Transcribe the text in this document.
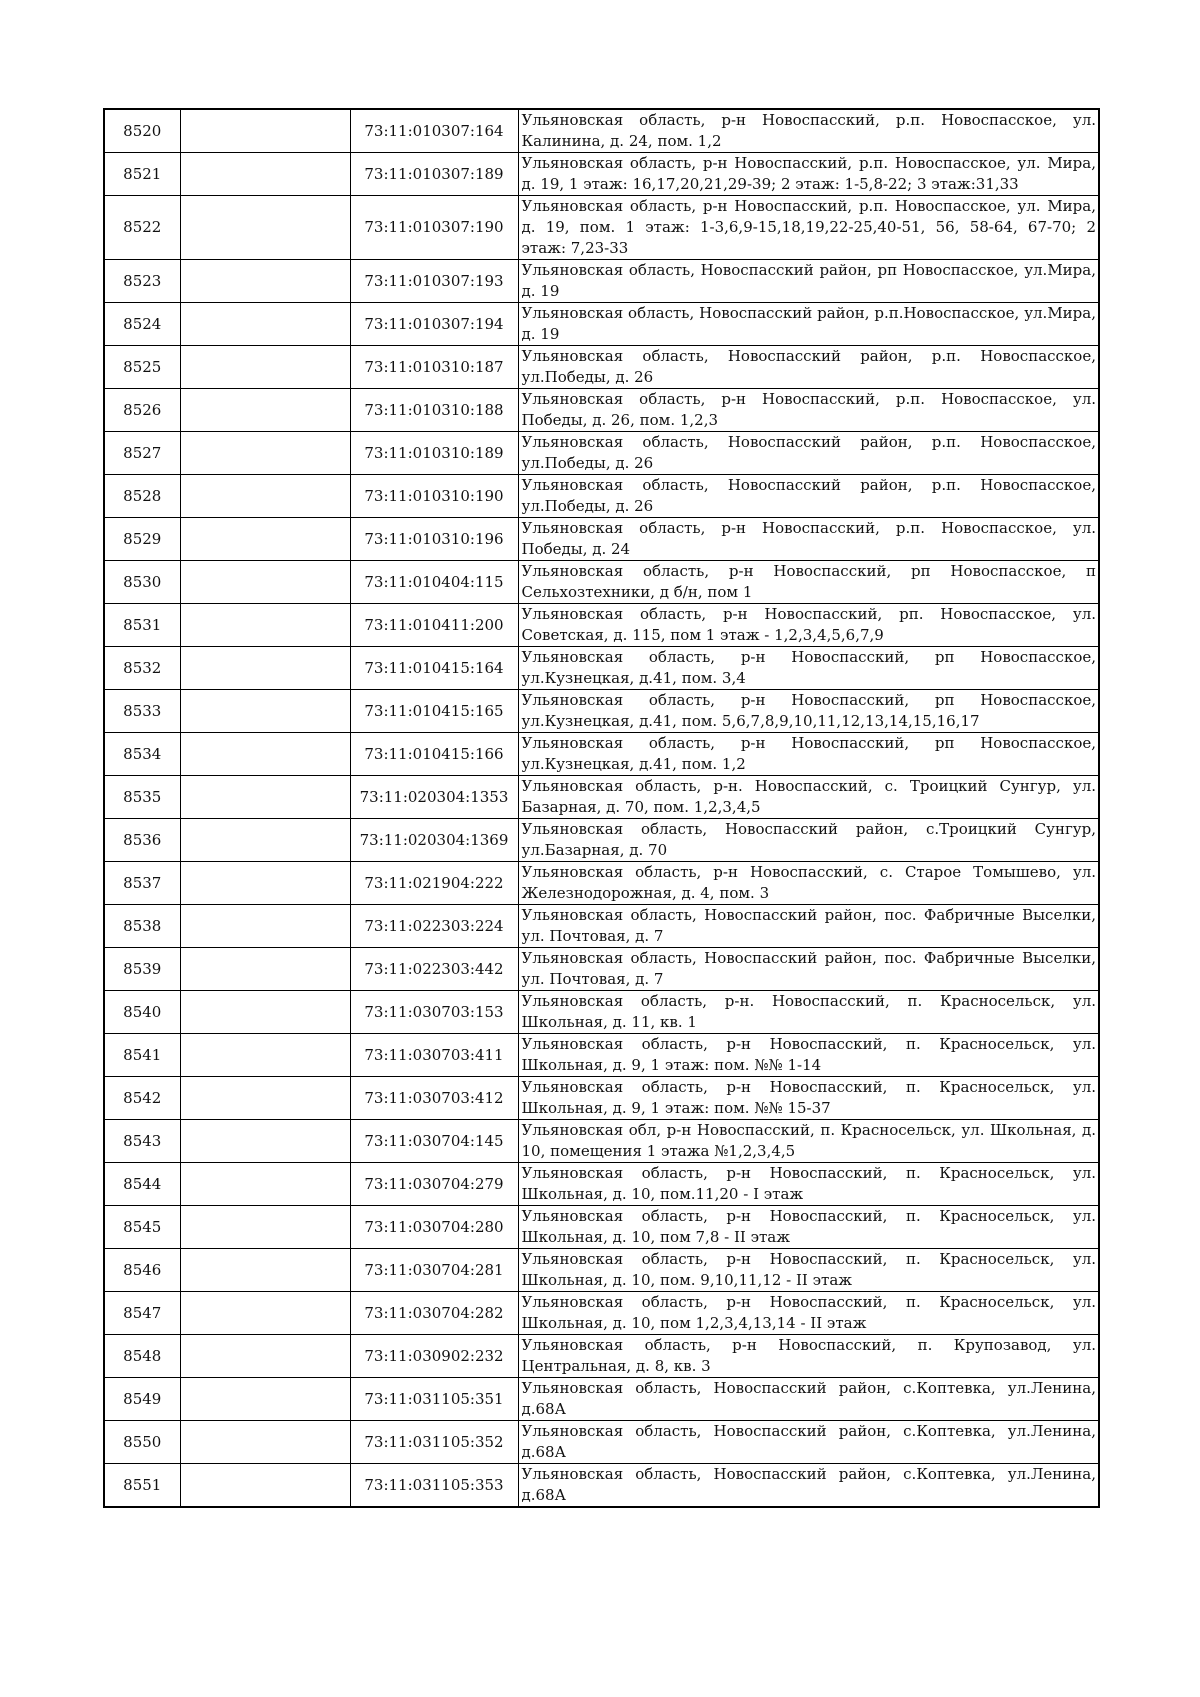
8520		73:11:010307:164	Ульяновская область, р-н Новоспасский, р.п. Новоспасское, ул. Калинина, д. 24, пом. 1,2
8521		73:11:010307:189	Ульяновская область, р-н Новоспасский, р.п. Новоспасское, ул. Мира, д. 19, 1 этаж: 16,17,20,21,29-39; 2 этаж: 1-5,8-22; 3 этаж:31,33
8522		73:11:010307:190	Ульяновская область, р-н Новоспасский, р.п. Новоспасское, ул. Мира, д. 19, пом. 1 этаж: 1-3,6,9-15,18,19,22-25,40-51, 56, 58-64, 67-70; 2 этаж: 7,23-33
8523		73:11:010307:193	Ульяновская область, Новоспасский район, рп Новоспасское, ул.Мира, д. 19
8524		73:11:010307:194	Ульяновская область, Новоспасский район, р.п.Новоспасское, ул.Мира, д. 19
8525		73:11:010310:187	Ульяновская область, Новоспасский район, р.п. Новоспасское, ул.Победы, д. 26
8526		73:11:010310:188	Ульяновская область, р-н Новоспасский, р.п. Новоспасское, ул. Победы, д. 26, пом. 1,2,3
8527		73:11:010310:189	Ульяновская область, Новоспасский район, р.п. Новоспасское, ул.Победы, д. 26
8528		73:11:010310:190	Ульяновская область, Новоспасский район, р.п. Новоспасское, ул.Победы, д. 26
8529		73:11:010310:196	Ульяновская область, р-н Новоспасский, р.п. Новоспасское, ул. Победы, д. 24
8530		73:11:010404:115	Ульяновская область, р-н Новоспасский, рп Новоспасское, п Сельхозтехники, д б/н, пом 1
8531		73:11:010411:200	Ульяновская область, р-н Новоспасский, рп. Новоспасское, ул. Советская, д. 115, пом 1 этаж - 1,2,3,4,5,6,7,9
8532		73:11:010415:164	Ульяновская область, р-н Новоспасский, рп Новоспасское, ул.Кузнецкая, д.41, пом. 3,4
8533		73:11:010415:165	Ульяновская область, р-н Новоспасский, рп Новоспасское, ул.Кузнецкая, д.41, пом. 5,6,7,8,9,10,11,12,13,14,15,16,17
8534		73:11:010415:166	Ульяновская область, р-н Новоспасский, рп Новоспасское, ул.Кузнецкая, д.41, пом. 1,2
8535		73:11:020304:1353	Ульяновская область, р-н. Новоспасский, с. Троицкий Сунгур, ул. Базарная, д. 70, пом. 1,2,3,4,5
8536		73:11:020304:1369	Ульяновская область, Новоспасский район, с.Троицкий Сунгур, ул.Базарная, д. 70
8537		73:11:021904:222	Ульяновская область, р-н Новоспасский, с. Старое Томышево, ул. Железнодорожная, д. 4, пом. 3
8538		73:11:022303:224	Ульяновская область, Новоспасский район, пос. Фабричные Выселки, ул. Почтовая, д. 7
8539		73:11:022303:442	Ульяновская область, Новоспасский район, пос. Фабричные Выселки, ул. Почтовая, д. 7
8540		73:11:030703:153	Ульяновская область, р-н. Новоспасский, п. Красносельск, ул. Школьная, д. 11, кв. 1
8541		73:11:030703:411	Ульяновская область, р-н Новоспасский, п. Красносельск, ул. Школьная, д. 9, 1 этаж: пом. №№ 1-14
8542		73:11:030703:412	Ульяновская область, р-н Новоспасский, п. Красносельск, ул. Школьная, д. 9, 1 этаж: пом. №№ 15-37
8543		73:11:030704:145	Ульяновская обл, р-н Новоспасский, п. Красносельск, ул. Школьная, д. 10, помещения 1 этажа №1,2,3,4,5
8544		73:11:030704:279	Ульяновская область, р-н Новоспасский, п. Красносельск, ул. Школьная, д. 10, пом.11,20 - I этаж
8545		73:11:030704:280	Ульяновская область, р-н Новоспасский, п. Красносельск, ул. Школьная, д. 10, пом 7,8 - II этаж
8546		73:11:030704:281	Ульяновская область, р-н Новоспасский, п. Красносельск, ул. Школьная, д. 10, пом. 9,10,11,12 - II этаж
8547		73:11:030704:282	Ульяновская область, р-н Новоспасский, п. Красносельск, ул. Школьная, д. 10, пом 1,2,3,4,13,14 - II этаж
8548		73:11:030902:232	Ульяновская область, р-н Новоспасский, п. Крупозавод, ул. Центральная, д. 8, кв. 3
8549		73:11:031105:351	Ульяновская область, Новоспасский район, с.Коптевка, ул.Ленина, д.68А
8550		73:11:031105:352	Ульяновская область, Новоспасский район, с.Коптевка, ул.Ленина, д.68А
8551		73:11:031105:353	Ульяновская область, Новоспасский район, с.Коптевка, ул.Ленина, д.68А
